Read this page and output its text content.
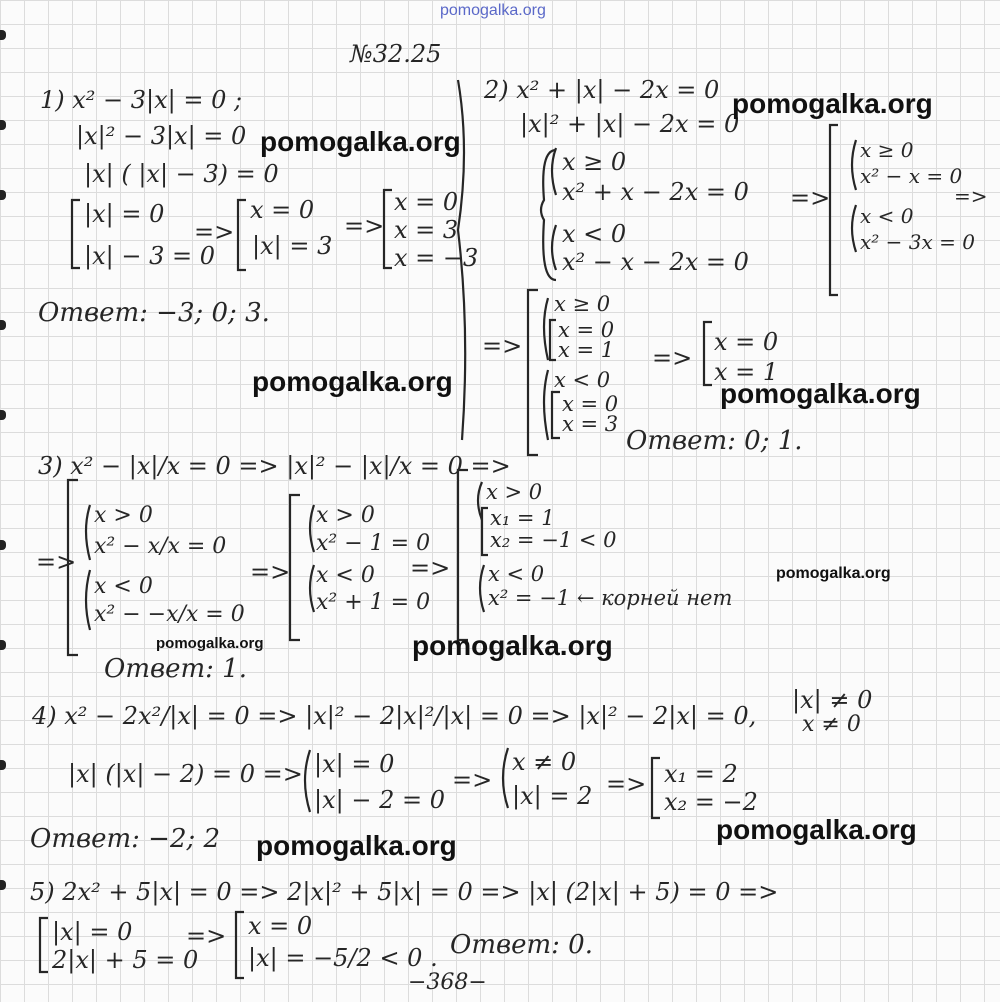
pomogalka.org
№32.25
1) x² − 3|x| = 0 ;
|x|² − 3|x| = 0
|x| ( |x| − 3) = 0
|x| = 0
|x| − 3 = 0
=>
x = 0
|x| = 3
=>
x = 0
x = 3
x = −3
Ответ: −3; 0; 3.
2) x² + |x| − 2x = 0
|x|² + |x| − 2x = 0
x ≥ 0
x² + x − 2x = 0
x < 0
x² − x − 2x = 0
=>
x ≥ 0
x² − x = 0
x < 0
x² − 3x = 0
=>
=>
x ≥ 0
x = 0
x = 1
x < 0
x = 0
x = 3
=>
x = 0
x = 1
Ответ: 0; 1.
3) x² − |x|/x = 0 => |x|² − |x|/x = 0 =>
=>
x > 0
x² − x/x = 0
x < 0
x² − −x/x = 0
=>
x > 0
x² − 1 = 0
x < 0
x² + 1 = 0
=>
x > 0
x₁ = 1
x₂ = −1 < 0
x < 0
x² = −1 ← корней нет
Ответ: 1.
4) x² − 2x²/|x| = 0 => |x|² − 2|x|²/|x| = 0 => |x|² − 2|x| = 0,
|x| ≠ 0
x ≠ 0
|x| (|x| − 2) = 0 => |x| = 0
|x| − 2 = 0
=>
x ≠ 0
|x| = 2 => x₁ = 2
x₂ = −2
Ответ: −2; 2
5) 2x² + 5|x| = 0 => 2|x|² + 5|x| = 0 => |x| (2|x| + 5) = 0 =>
|x| = 0
2|x| + 5 = 0
=> x = 0
|x| = −5/2 < 0 . Ответ: 0.
−368−
pomogalka.org
pomogalka.org
pomogalka.org	pomogalka.org
pomogalka.org
pomogalka.org	pomogalka.org
pomogalka.org
pomogalka.org
